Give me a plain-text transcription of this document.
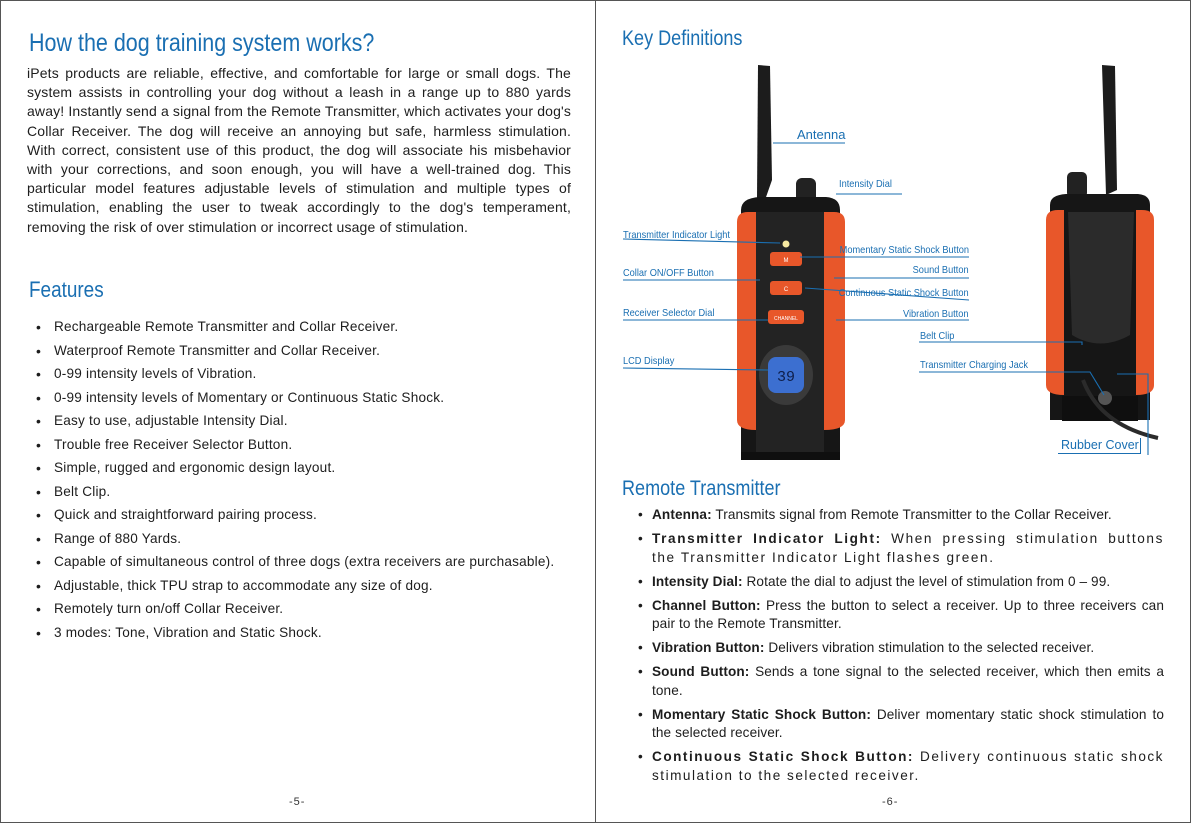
How the dog training system works?

iPets products are reliable, effective, and comfortable for large or small dogs. The system assists in controlling your dog without a leash in a range up to 880 yards away! Instantly send a signal from the Remote Transmitter, which activates your dog's Collar Receiver. The dog will receive an annoying but safe, harmless stimulation. With correct, consistent use of this product, the dog will associate his misbehavior with your corrections, and soon enough, you will have a well-trained dog. This particular model features adjustable levels of stimulation and multiple types of stimulation, enabling the user to tweak accordingly to the dog's temperament, removing the risk of over stimulation or incorrect usage of stimulation.

Features
• Rechargeable Remote Transmitter and Collar Receiver.
• Waterproof Remote Transmitter and Collar Receiver.
• 0-99 intensity levels of Vibration.
• 0-99 intensity levels of Momentary or Continuous Static Shock.
• Easy to use, adjustable Intensity Dial.
• Trouble free Receiver Selector Button.
• Simple, rugged and ergonomic design layout.
• Belt Clip.
• Quick and straightforward pairing process.
• Range of 880 Yards.
• Capable of simultaneous control of three dogs (extra receivers are purchasable).
• Adjustable, thick TPU strap to accommodate any size of dog.
• Remotely turn on/off Collar Receiver.
• 3 modes: Tone, Vibration and Static Shock.
-5-
Key Definitions
M
C
CHANNEL
39
Antenna
Intensity Dial
Transmitter Indicator Light
Momentary Static Shock Button
Collar ON/OFF Button	Sound Button
Continuous Static Shock Button
Receiver Selector Dial	Vibration Button
Belt Clip
LCD Display	Transmitter Charging Jack
Rubber Cover
Remote Transmitter
• Antenna: Transmits signal from Remote Transmitter to the Collar Receiver.
• Transmitter Indicator Light: When pressing stimulation buttons the Transmitter Indicator Light flashes green.
• Intensity Dial: Rotate the dial to adjust the level of stimulation from 0 – 99.
• Channel Button: Press the button to select a receiver. Up to three receivers can pair to the Remote Transmitter.
• Vibration Button: Delivers vibration stimulation to the selected receiver.
• Sound Button: Sends a tone signal to the selected receiver, which then emits a tone.
• Momentary Static Shock Button: Deliver momentary static shock stimulation to the selected receiver.
• Continuous Static Shock Button: Delivery continuous static shock stimulation to the selected receiver.
-6-
